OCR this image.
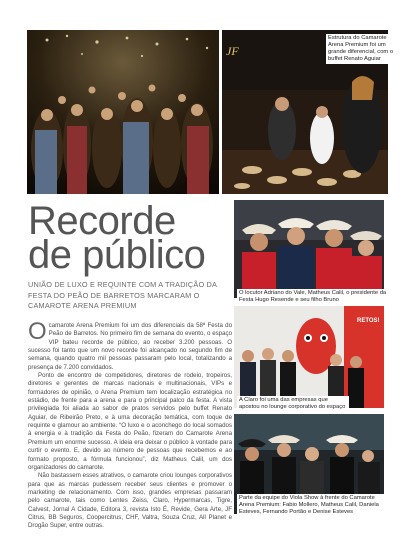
Estrutura do Camarote Arena Premium foi um grande diferencial, com o buffet Renato Aguiar
JF
Recorde
de público
UNIÃO DE LUXO E REQUINTE COM A TRADIÇÃO DA FESTA DO PEÃO DE BARRETOS MARCARAM O CAMAROTE ARENA PREMIUM

Ocamarote Arena Premium foi um dos diferenciais da 58ª Festa do Peão de Barretos. No primeiro fim de semana do evento, o espaço VIP bateu recorde de público, ao receber 3.200 pessoas. O sucesso foi tanto que um novo recorde foi alcançado no segundo fim de semana, quando quatro mil pessoas passaram pelo local, totalizando a presença de 7.200 convidados.

Ponto de encontro de competidores, diretores de rodeio, tropeiros, diretores e gerentes de marcas nacionais e multinacionais, VIPs e formadores de opinião, o Arena Premium tem localização estratégica no estádio, de frente para a arena e para o principal palco da festa. A vista privilegiada foi aliada ao sabor de pratos servidos pelo buffet Renato Aguiar, de Ribeirão Preto, e à uma decoração temática, com toque de requinte e glamour ao ambiente. “O luxo e o aconchego do local somados à energia e à tradição da Festa do Peão, fizeram do Camarote Arena Premium um enorme sucesso. A ideia era deixar o público à vontade para curtir o evento. E, devido ao número de pessoas que recebemos e ao formato proposto, a fórmula funcionou”, diz Matheus Calil, um dos organizadores do camarote.

Não bastassem esses atrativos, o camarote criou lounges corporativos para que as marcas pudessem receber seus clientes e promover o marketing de relacionamento. Com isso, grandes empresas passaram pelo camarote, tais como Lentes Zeiss, Claro, Hypermarcas, Tigre, Calvest, Jornal A Cidade, Editora 3, revista Isto É, Revide, Gera Arte, JF Citrus, BB Seguros, Coopercitrus, CHF, Valtra, Souza Cruz, All Planet e Drogão Super, entre outras.

O locutor Adriano do Vale, Matheus Calil, o presidente da Festa Hugo Resende e seu filho Bruno
RETOS!
A Claro foi uma das empresas que apostou no lounge corporativo do espaço
Parte da equipe do Viola Show à frente do Camarote Arena Premium: Fabio Mollero, Matheus Calil, Daniela Esteves, Fernando Portão e Denise Esteves
